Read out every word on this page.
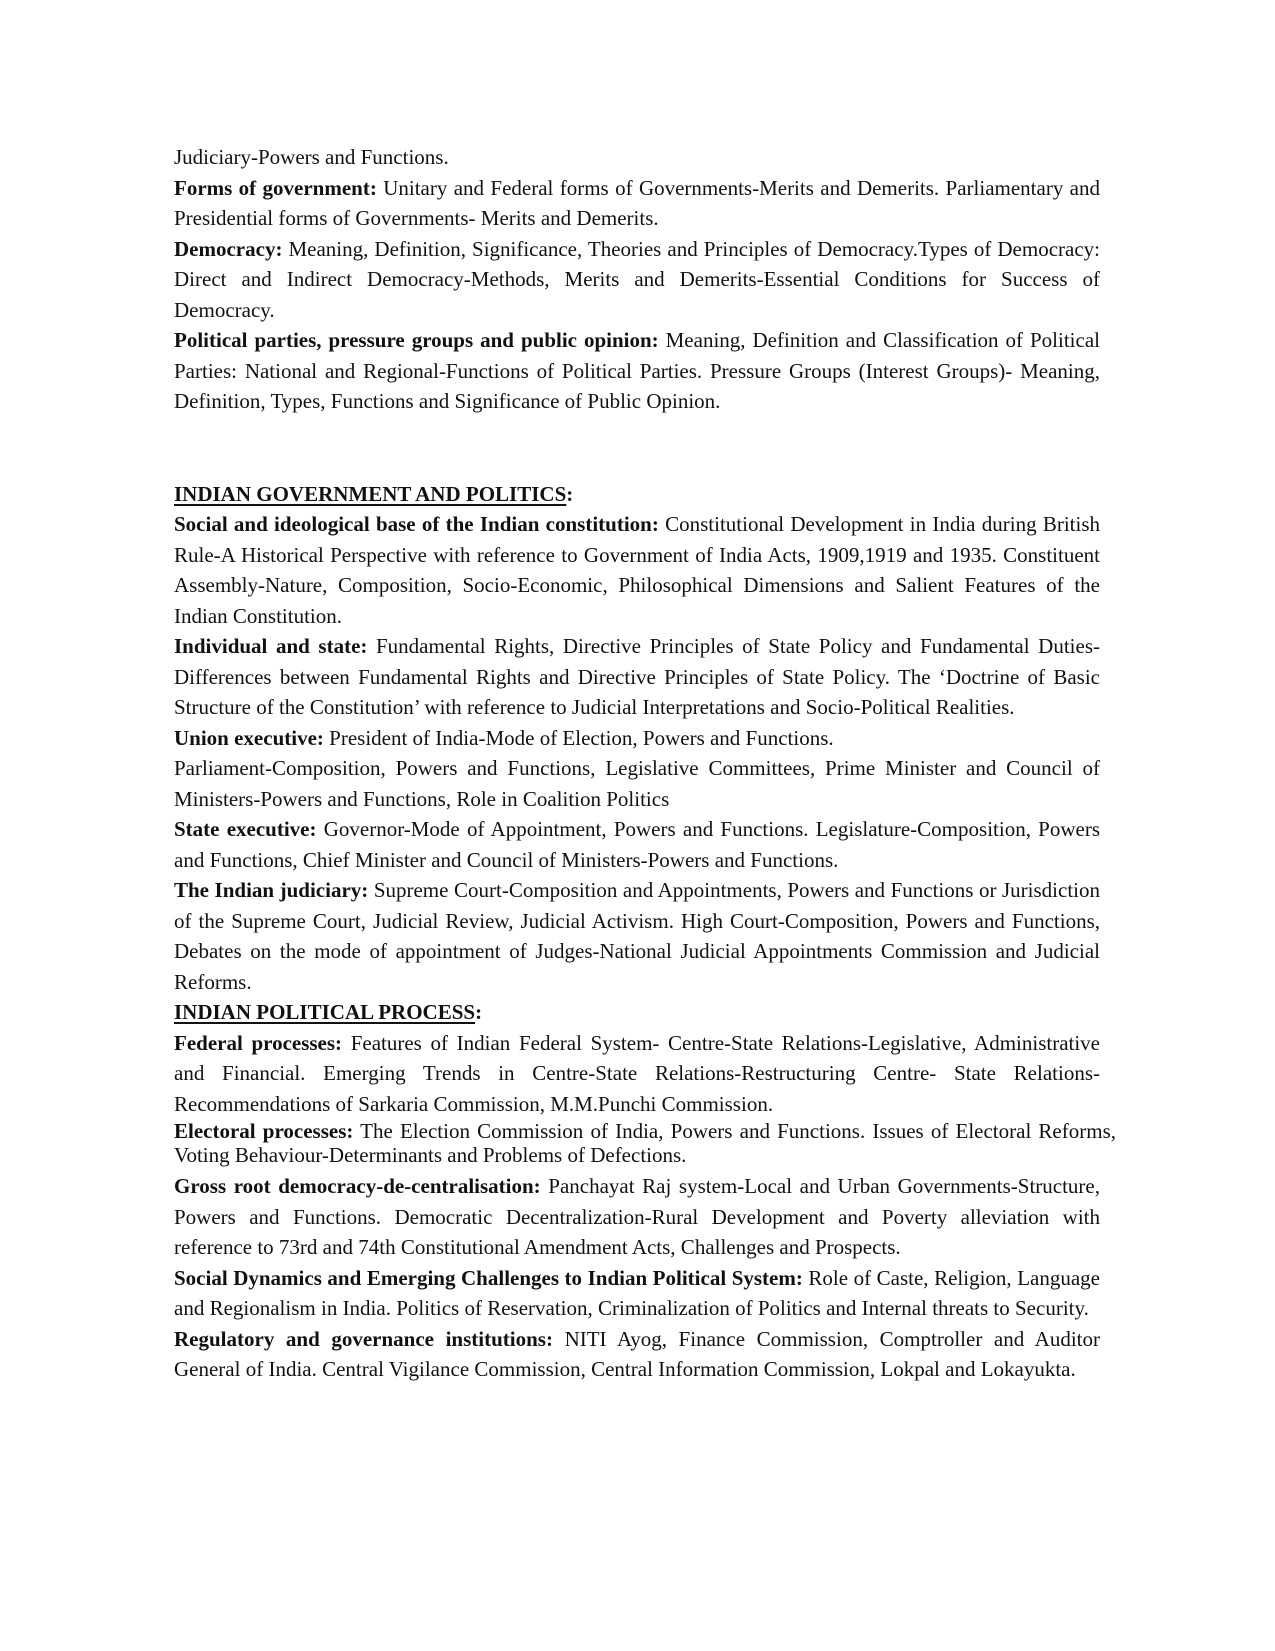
Judiciary-Powers and Functions.

Forms of government: Unitary and Federal forms of Governments-Merits and Demerits. Parliamentary and Presidential forms of Governments- Merits and Demerits.

Democracy: Meaning, Definition, Significance, Theories and Principles of Democracy.Types of Democracy: Direct and Indirect Democracy-Methods, Merits and Demerits-Essential Conditions for Success of Democracy.

Political parties, pressure groups and public opinion: Meaning, Definition and Classification of Political Parties: National and Regional-Functions of Political Parties. Pressure Groups (Interest Groups)- Meaning, Definition, Types, Functions and Significance of Public Opinion.

INDIAN GOVERNMENT AND POLITICS:

Social and ideological base of the Indian constitution: Constitutional Development in India during British Rule-A Historical Perspective with reference to Government of India Acts, 1909,1919 and 1935. Constituent Assembly-Nature, Composition, Socio-Economic, Philosophical Dimensions and Salient Features of the Indian Constitution.

Individual and state: Fundamental Rights, Directive Principles of State Policy and Fundamental Duties-Differences between Fundamental Rights and Directive Principles of State Policy. The ‘Doctrine of Basic Structure of the Constitution’ with reference to Judicial Interpretations and Socio-Political Realities.

Union executive: President of India-Mode of Election, Powers and Functions.

Parliament-Composition, Powers and Functions, Legislative Committees, Prime Minister and Council of Ministers-Powers and Functions, Role in Coalition Politics

State executive: Governor-Mode of Appointment, Powers and Functions. Legislature-Composition, Powers and Functions, Chief Minister and Council of Ministers-Powers and Functions.

The Indian judiciary: Supreme Court-Composition and Appointments, Powers and Functions or Jurisdiction of the Supreme Court, Judicial Review, Judicial Activism. High Court-Composition, Powers and Functions, Debates on the mode of appointment of Judges-National Judicial Appointments Commission and Judicial Reforms.

INDIAN POLITICAL PROCESS:

Federal processes: Features of Indian Federal System- Centre-State Relations-Legislative, Administrative and Financial. Emerging Trends in Centre-State Relations-Restructuring Centre- State Relations-Recommendations of Sarkaria Commission, M.M.Punchi Commission.

Electoral processes: The Election Commission of India, Powers and Functions. Issues of Electoral Reforms, Voting Behaviour-Determinants and Problems of Defections.

Gross root democracy-de-centralisation: Panchayat Raj system-Local and Urban Governments-Structure, Powers and Functions. Democratic Decentralization-Rural Development and Poverty alleviation with reference to 73rd and 74th Constitutional Amendment Acts, Challenges and Prospects.

Social Dynamics and Emerging Challenges to Indian Political System: Role of Caste, Religion, Language and Regionalism in India. Politics of Reservation, Criminalization of Politics and Internal threats to Security.

Regulatory and governance institutions: NITI Ayog, Finance Commission, Comptroller and Auditor General of India. Central Vigilance Commission, Central Information Commission, Lokpal and Lokayukta.
